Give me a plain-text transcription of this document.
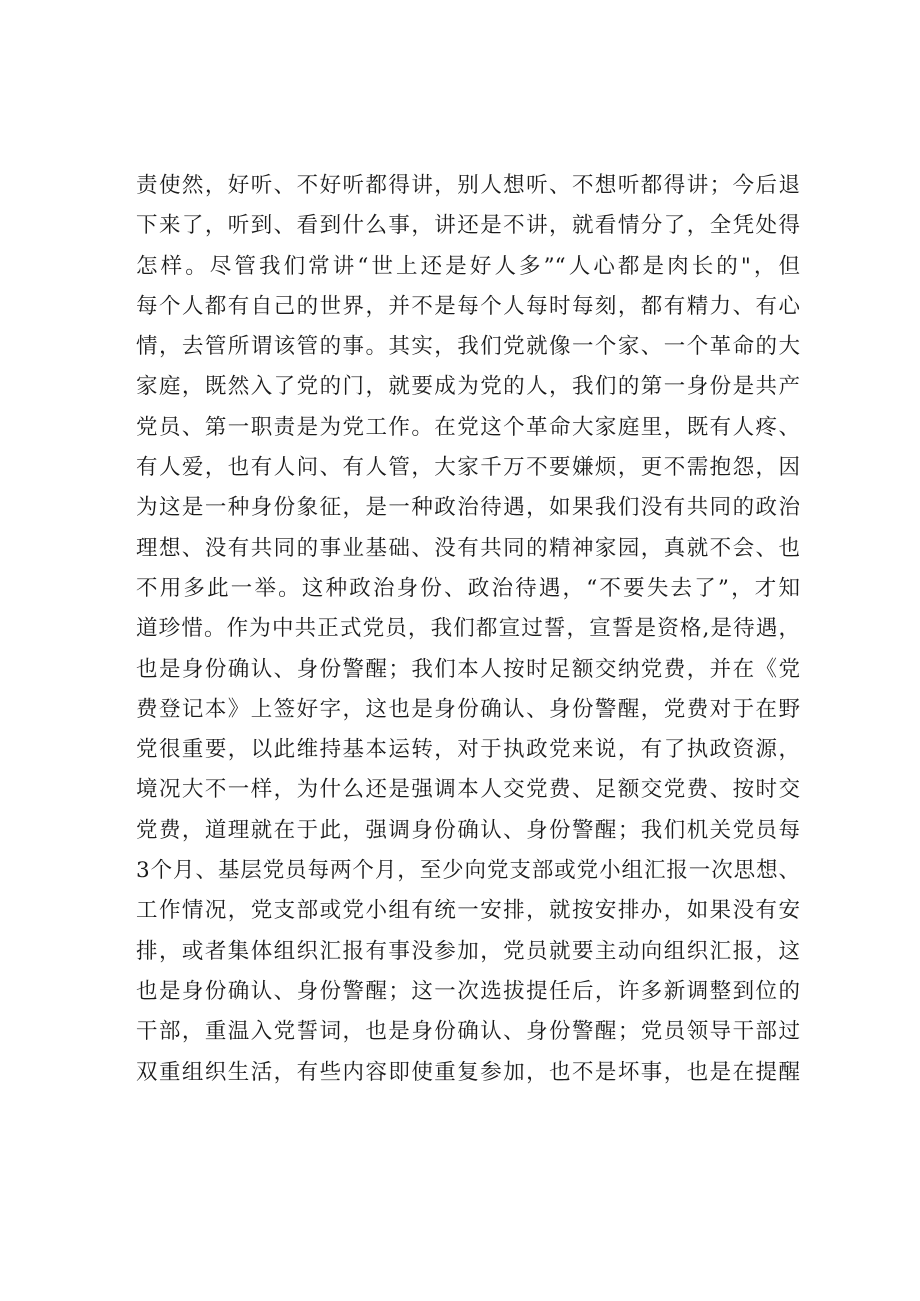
责使然，好听、不好听都得讲，别人想听、不想听都得讲；今后退
下来了，听到、看到什么事，讲还是不讲，就看情分了，全凭处得
怎样。尽管我们常讲“世上还是好人多”“人心都是肉长的"，但
每个人都有自己的世界，并不是每个人每时每刻，都有精力、有心
情，去管所谓该管的事。其实，我们党就像一个家、一个革命的大
家庭，既然入了党的门，就要成为党的人，我们的第一身份是共产
党员、第一职责是为党工作。在党这个革命大家庭里，既有人疼、
有人爱，也有人问、有人管，大家千万不要嫌烦，更不需抱怨，因
为这是一种身份象征，是一种政治待遇，如果我们没有共同的政治
理想、没有共同的事业基础、没有共同的精神家园，真就不会、也
不用多此一举。这种政治身份、政治待遇，“不要失去了”，才知
道珍惜。作为中共正式党员，我们都宣过誓，宣誓是资格,是待遇，
也是身份确认、身份警醒；我们本人按时足额交纳党费，并在《党
费登记本》上签好字，这也是身份确认、身份警醒，党费对于在野
党很重要，以此维持基本运转，对于执政党来说，有了执政资源，
境况大不一样，为什么还是强调本人交党费、足额交党费、按时交
党费，道理就在于此，强调身份确认、身份警醒；我们机关党员每
3个月、基层党员每两个月，至少向党支部或党小组汇报一次思想、
工作情况，党支部或党小组有统一安排，就按安排办，如果没有安
排，或者集体组织汇报有事没参加，党员就要主动向组织汇报，这
也是身份确认、身份警醒；这一次选拔提任后，许多新调整到位的
干部，重温入党誓词，也是身份确认、身份警醒；党员领导干部过
双重组织生活，有些内容即使重复参加，也不是坏事，也是在提醒
